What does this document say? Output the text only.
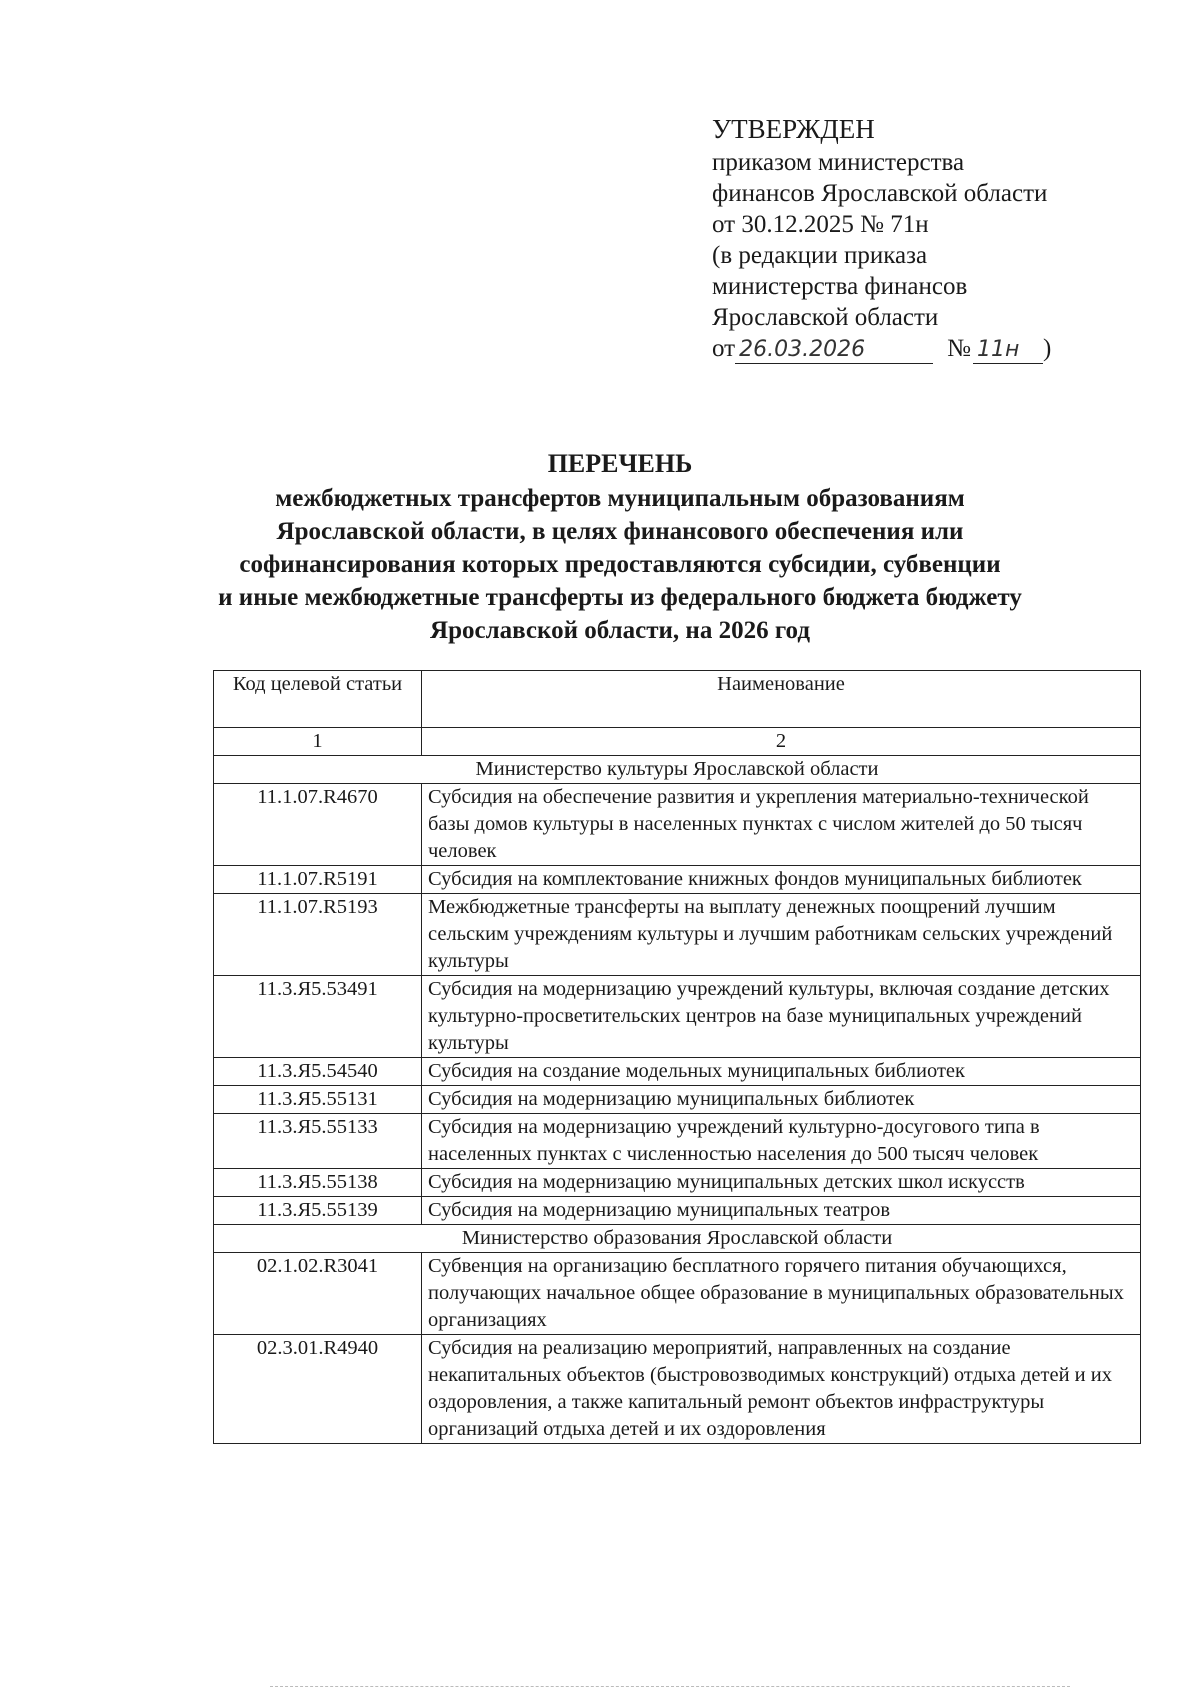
УТВЕРЖДЕН
приказом министерства
финансов Ярославской области
от 30.12.2025 № 71н
(в редакции приказа
министерства финансов
Ярославской области
от 26.03.2026	№ 11н )
ПЕРЕЧЕНЬ
межбюджетных трансфертов муниципальным образованиям
Ярославской области, в целях финансового обеспечения или
софинансирования которых предоставляются субсидии, субвенции
и иные межбюджетные трансферты из федерального бюджета бюджету
Ярославской области, на 2026 год
Код целевой статьи	Наименование
1	2
Министерство культуры Ярославской области	
11.1.07.R4670	Субсидия на обеспечение развития и укрепления материально-технической базы домов культуры в населенных пунктах с числом жителей до 50 тысяч человек
11.1.07.R5191	Субсидия на комплектование книжных фондов муниципальных библиотек
11.1.07.R5193	Межбюджетные трансферты на выплату денежных поощрений лучшим сельским учреждениям культуры и лучшим работникам сельских учреждений культуры
11.3.Я5.53491	Субсидия на модернизацию учреждений культуры, включая создание детских культурно-просветительских центров на базе муниципальных учреждений культуры
11.3.Я5.54540	Субсидия на создание модельных муниципальных библиотек
11.3.Я5.55131	Субсидия на модернизацию муниципальных библиотек
11.3.Я5.55133	Субсидия на модернизацию учреждений культурно-досугового типа в населенных пунктах с численностью населения до 500 тысяч человек
11.3.Я5.55138	Субсидия на модернизацию муниципальных детских школ искусств
11.3.Я5.55139	Субсидия на модернизацию муниципальных театров
Министерство образования Ярославской области	
02.1.02.R3041	Субвенция на организацию бесплатного горячего питания обучающихся, получающих начальное общее образование в муниципальных образовательных организациях
02.3.01.R4940	Субсидия на реализацию мероприятий, направленных на создание некапитальных объектов (быстровозводимых конструкций) отдыха детей и их оздоровления, а также капитальный ремонт объектов инфраструктуры организаций отдыха детей и их оздоровления
